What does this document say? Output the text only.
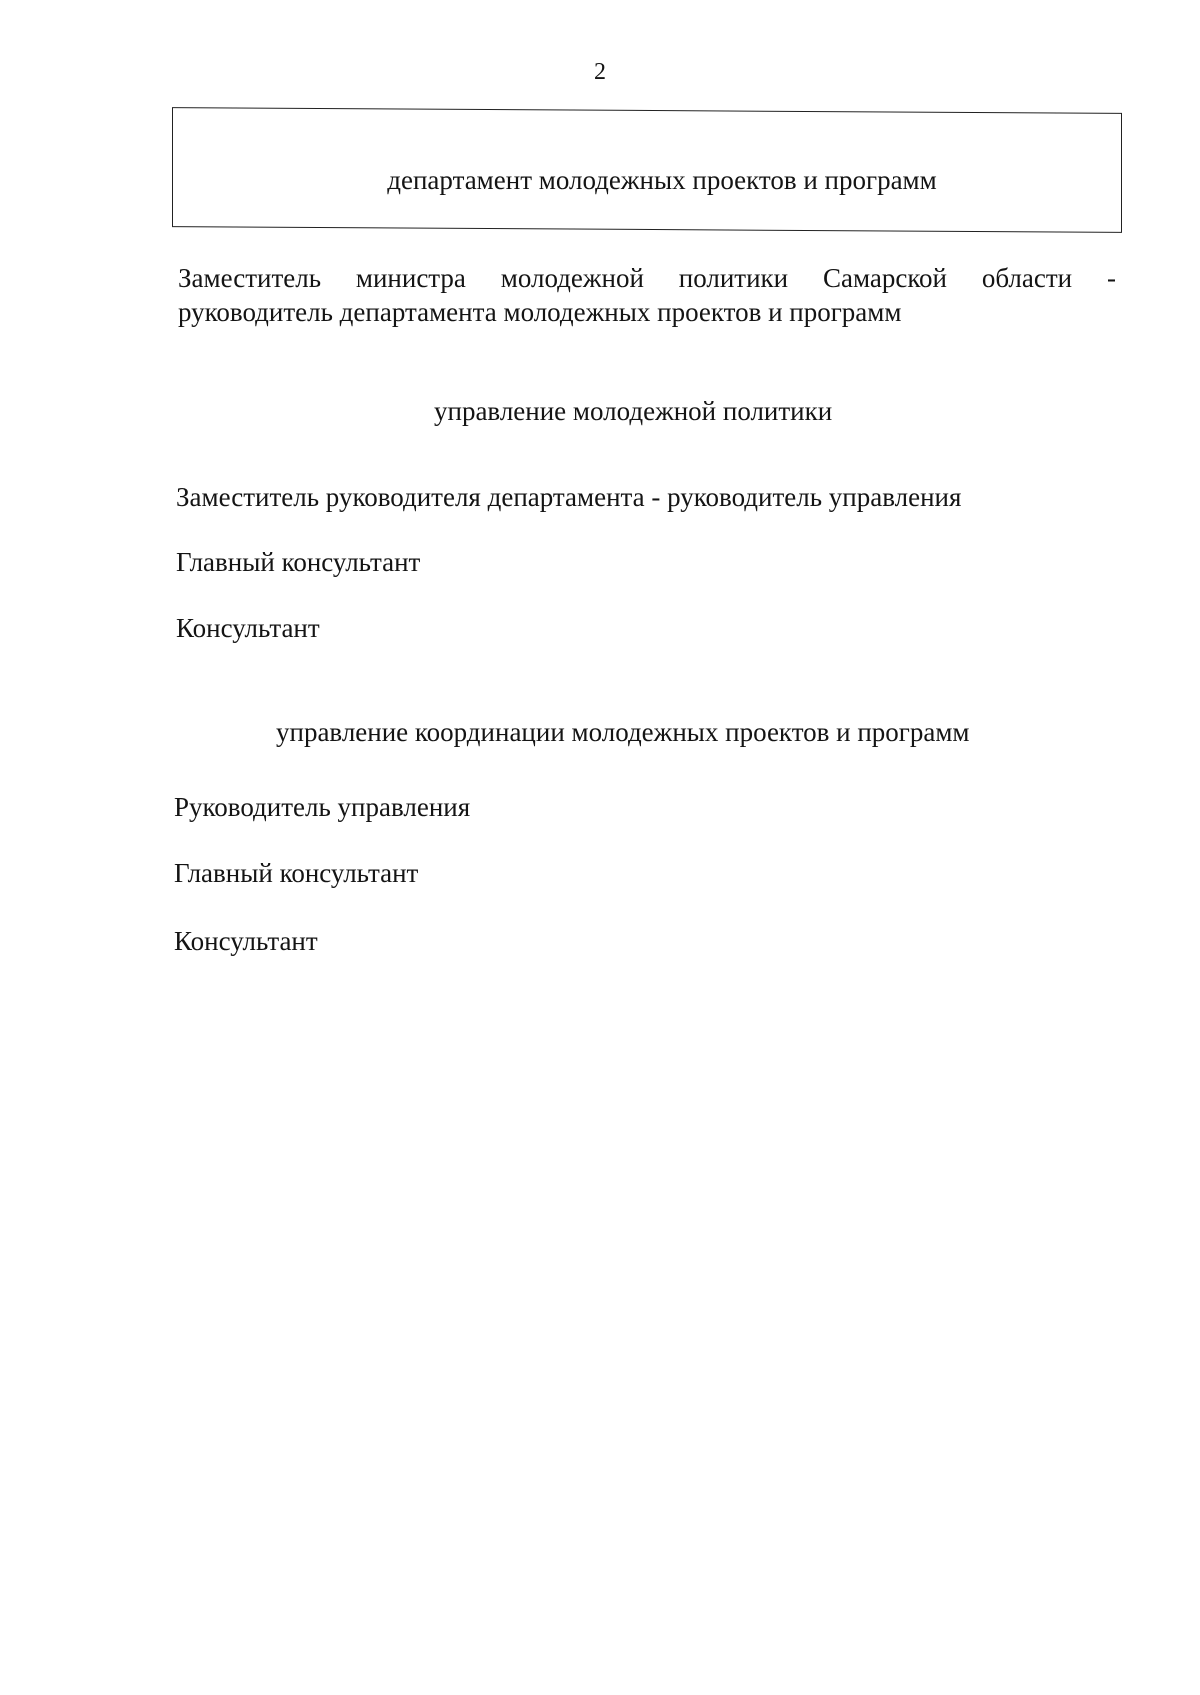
2
департамент молодежных проектов и программ
Заместитель министра молодежной политики Самарской области -
руководитель департамента молодежных проектов и программ
управление молодежной политики
Заместитель руководителя департамента - руководитель управления
Главный консультант
Консультант
управление координации молодежных проектов и программ
Руководитель управления
Главный консультант
Консультант
